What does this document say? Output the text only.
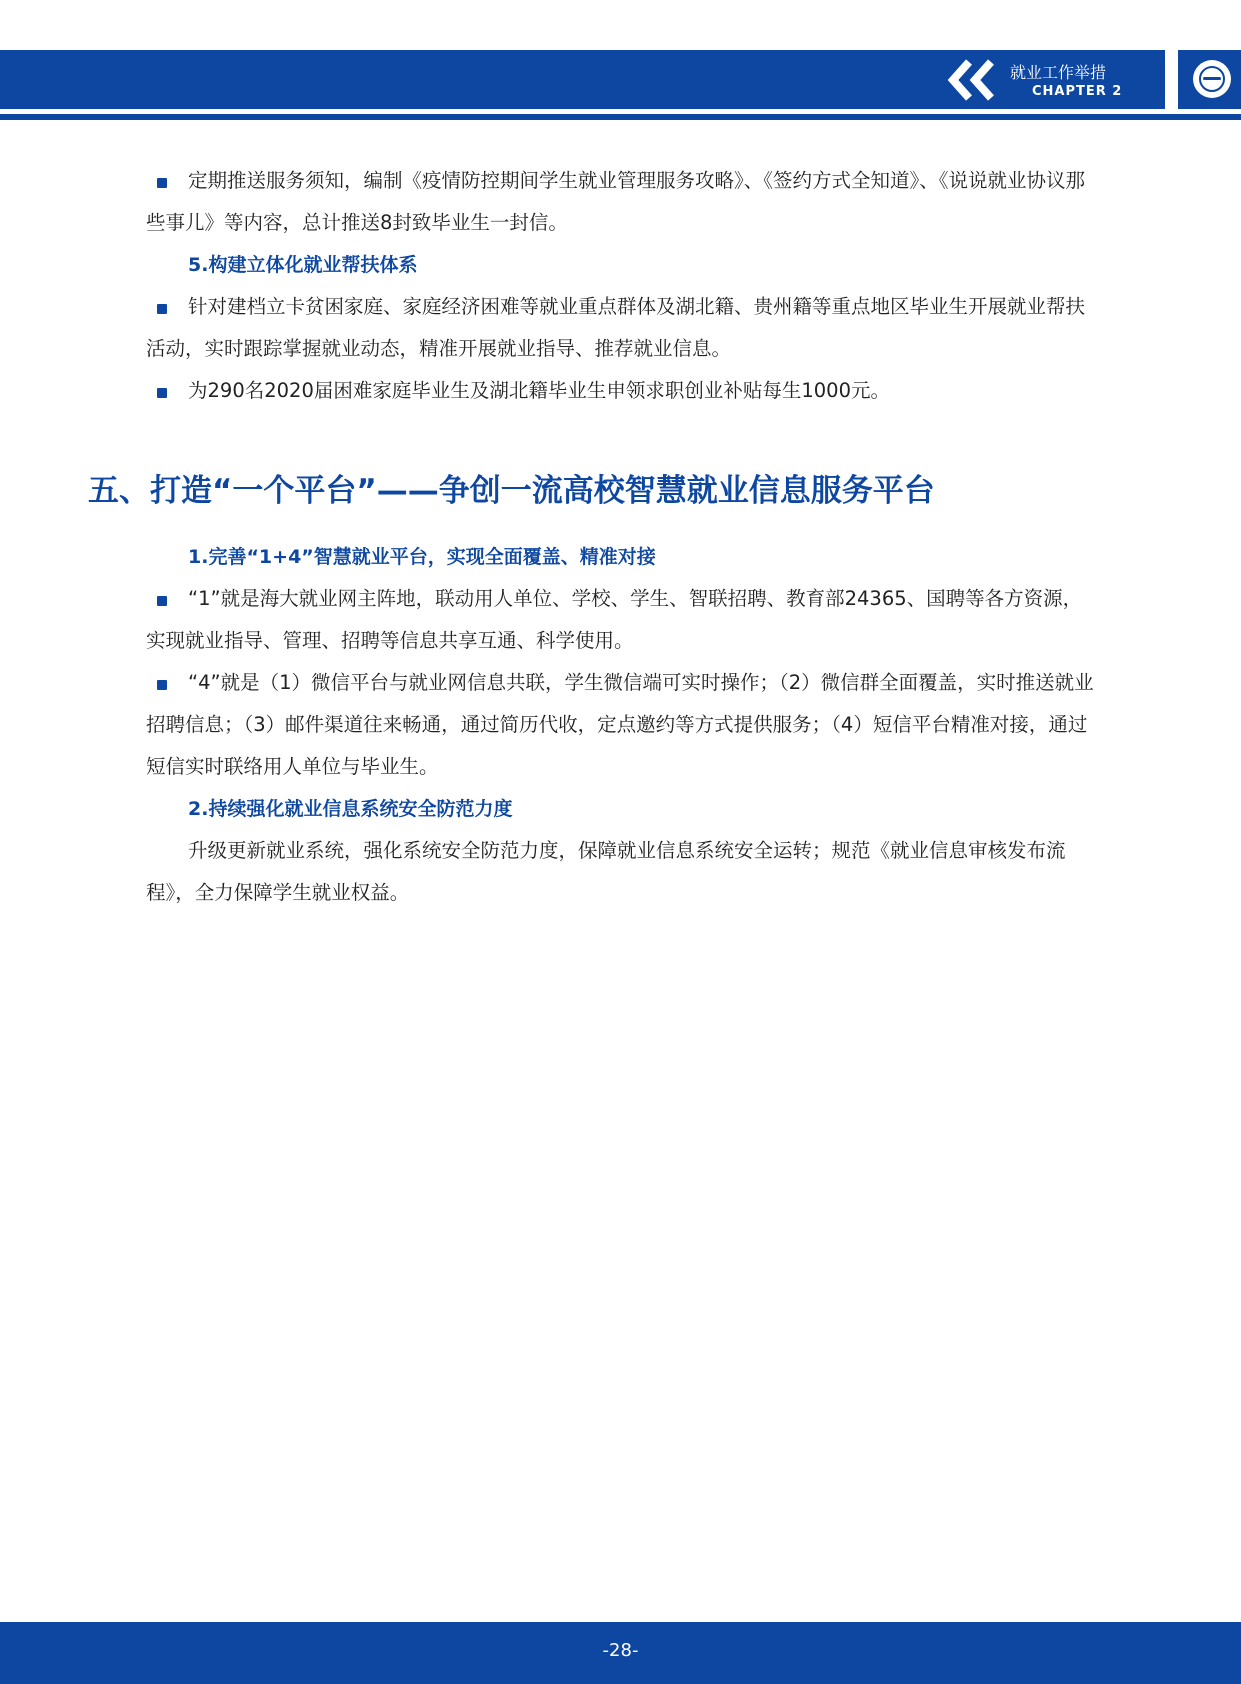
就业工作举措
CHAPTER 2

定期推送服务须知，编制《疫情防控期间学生就业管理服务攻略》、《签约方式全知道》、《说说就业协议那些事儿》等内容，总计推送8封致毕业生一封信。

5.构建立体化就业帮扶体系

针对建档立卡贫困家庭、家庭经济困难等就业重点群体及湖北籍、贵州籍等重点地区毕业生开展就业帮扶活动，实时跟踪掌握就业动态，精准开展就业指导、推荐就业信息。

为290名2020届困难家庭毕业生及湖北籍毕业生申领求职创业补贴每生1000元。

五、打造“一个平台”——争创一流高校智慧就业信息服务平台

1.完善“1+4”智慧就业平台，实现全面覆盖、精准对接

“1”就是海大就业网主阵地，联动用人单位、学校、学生、智联招聘、教育部24365、国聘等各方资源，实现就业指导、管理、招聘等信息共享互通、科学使用。

“4”就是（1）微信平台与就业网信息共联，学生微信端可实时操作；（2）微信群全面覆盖，实时推送就业招聘信息；（3）邮件渠道往来畅通，通过简历代收，定点邀约等方式提供服务；（4）短信平台精准对接，通过短信实时联络用人单位与毕业生。

2.持续强化就业信息系统安全防范力度

升级更新就业系统，强化系统安全防范力度，保障就业信息系统安全运转；规范《就业信息审核发布流程》，全力保障学生就业权益。

-28-
